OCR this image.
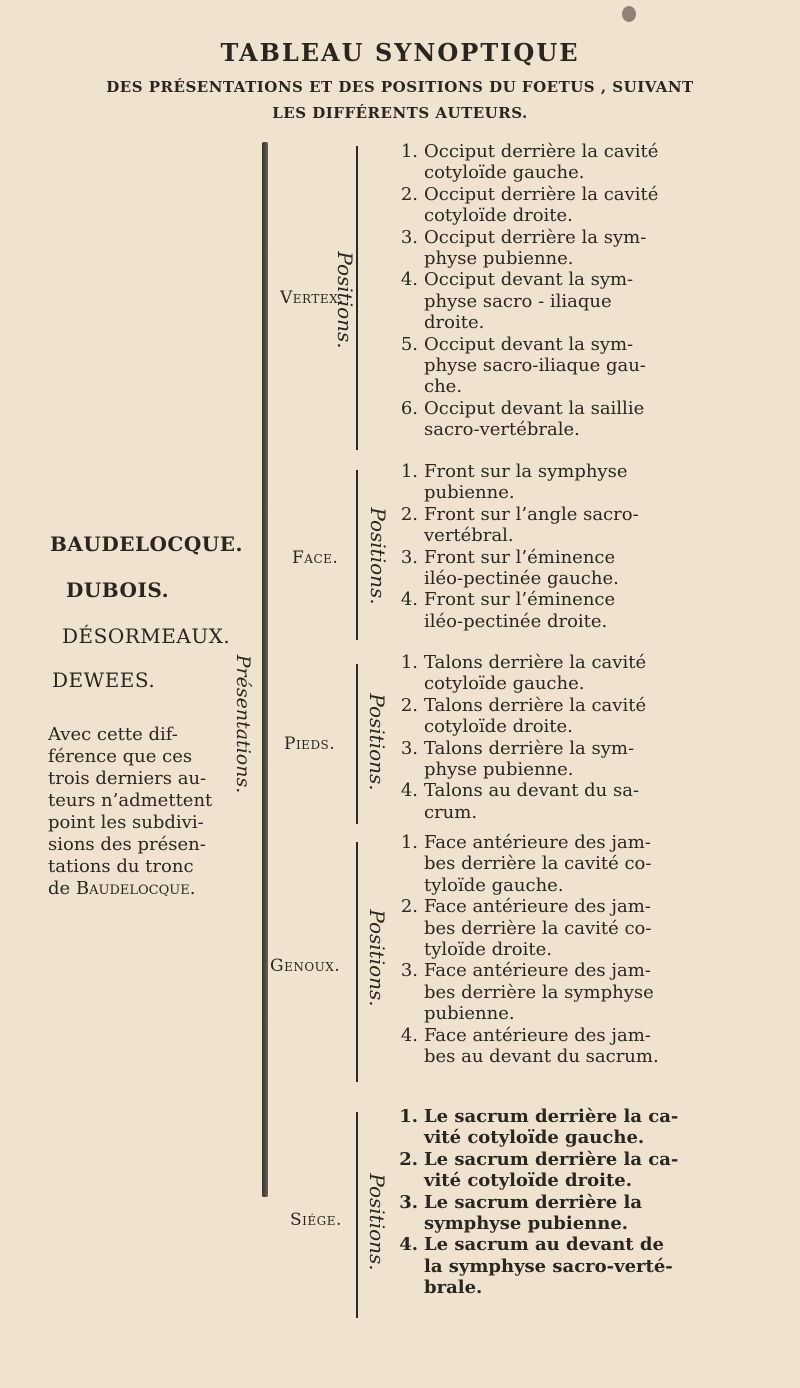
TABLEAU SYNOPTIQUE
DES PRÉSENTATIONS ET DES POSITIONS DU FOETUS , SUIVANT
LES DIFFÉRENTS AUTEURS.
BAUDELOCQUE.
DUBOIS.
DÉSORMEAUX.
DEWEES.
Avec cette dif-
férence que ces
trois derniers au-
teurs n’admettent
point les subdivi-
sions des présen-
tations du tronc
de Baudelocque.
Présentations.
Vertex.
Positions.
1. Occiput derrière la cavité
cotyloïde gauche.
2. Occiput derrière la cavité
cotyloïde droite.
3. Occiput derrière la sym-
physe pubienne.
4. Occiput devant la sym-
physe sacro - iliaque
droite.
5. Occiput devant la sym-
physe sacro-iliaque gau-
che.
6. Occiput devant la saillie
sacro-vertébrale.
Face. Positions.
1. Front sur la symphyse
pubienne.
2. Front sur l’angle sacro-
vertébral.
3. Front sur l’éminence
iléo-pectinée gauche.
4. Front sur l’éminence
iléo-pectinée droite.
Pieds. Positions.
1. Talons derrière la cavité
cotyloïde gauche.
2. Talons derrière la cavité
cotyloïde droite.
3. Talons derrière la sym-
physe pubienne.
4. Talons au devant du sa-
crum.
Genoux. Positions.
1. Face antérieure des jam-
bes derrière la cavité co-
tyloïde gauche.
2. Face antérieure des jam-
bes derrière la cavité co-
tyloïde droite.
3. Face antérieure des jam-
bes derrière la symphyse
pubienne.
4. Face antérieure des jam-
bes au devant du sacrum.
Siége. Positions.
1. Le sacrum derrière la ca-
vité cotyloïde gauche.
2. Le sacrum derrière la ca-
vité cotyloïde droite.
3. Le sacrum derrière la
symphyse pubienne.
4. Le sacrum au devant de
la symphyse sacro-verté-
brale.
